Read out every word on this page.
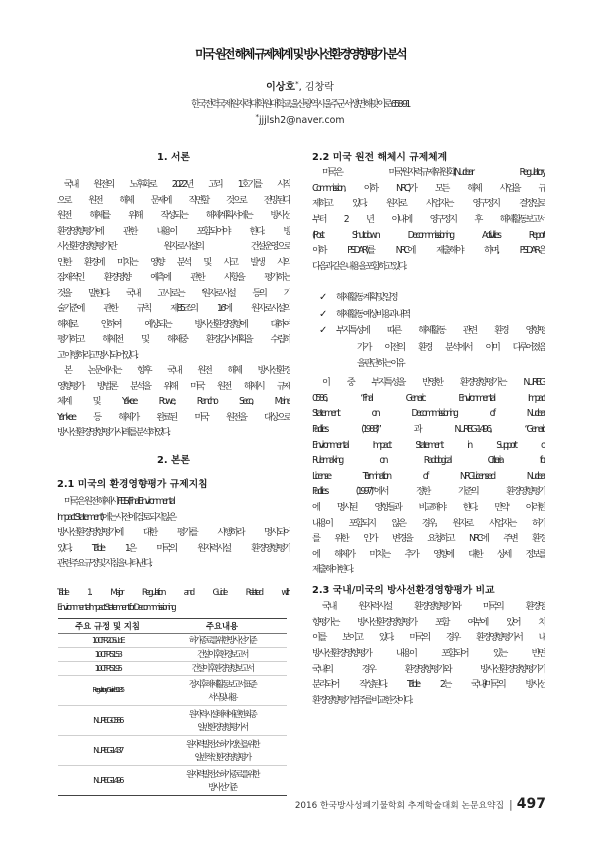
미국 원전 해체 규제체계 및 방사선환경영향평가 분석
이상호*, 김창락
한국전력국제원자력대학원대학교, 울산광역시 울주군 서생면 해맞이로 658-91
*jjjlsh2@naver.com
1. 서론
국내 원전의 노후화로 2022년 고리 1호기를 시작
으로 원전 해체 문제에 직면할 것으로 전망된다.
원전 해체를 위해 작성되는 해체계획서에는 방사선
환경영향평가에 관한 내용이 포함되어야 한다. 방
사선환경영향평가란 원자로시설의 건설·운영으로
인한 환경에 미치는 영향 분석 및 사고 발생 시의
잠재적인 환경영향 예측에 관한 사항을 평가하는
것을 말한다. 국내 고시로는 ‘원자로시설 등의 기
술기준에 관한 규칙 제85조의 16’에 원자로시설의
해체로 인하여 예상되는 방사선환경영향에 대하여
평가하고 해체전 및 해체중 환경감시계획을 수립하
고 이행하라고 명시되어 있다.
본 논문에서는 향후 국내 원전 해체 방사선환경
영향평가 방법론 분석을 위해 미국 원전 해체시 규제
체계 및 Yakee Rowe, Rancho Seco, Maine
Yankee 등 해체가 완료된 미국 원전을 대상으로
방사선환경영향평가 사례를 분석하였다.
2. 본론
2.1 미국의 환경영향평가 규제지침
미국은 원전 해체시 FEIS (Final Environmental
Impact Statement)에는 사전에 검토되지 않은
방사선환경영향평가에 대한 평가를 시행하라 명시되어
있다. Table 1은 미국의 원자력시설 환경영향평가
관련 주요 규정 및 지침을 나타낸다.
Table 1. Major Regulation and Guide Related with
Environmental Impact Statement for Decommissioning
주요 규정 및 지침	주요내용

10CFR20 Sub E	허가종료를 위한 방사선 기준

10CFR 51.53	건설 이후 환경보고서

10CFR 51.95	건설 이후 환경영향보고서

Regulatory Guide 1.185	정지후 해체활동보고서 표준
서식 및 내용

NUREG-0586	원자력시설 해체에 관한 최종
일반환경영향평가서

NUREG-1437	원자력발전소 허가갱신을 위한
일반적인 환경영향평가

NUREG-1496	원자력발전소 허가종료를 위한
방사선기준
2.2 미국 원전 해체시 규제체계
미국은 미국원자력규제위원회(Nuclear Regulatory
Commission, 이하 NRC)가 모든 해체 사업을 규
제하고 있다. 원자로 사업자는 영구정지 결정일로
부터 2 년 이내에 영구정지 후 해체활동보고서
(Post Shutdown Decommissioning Activities Report,
이하 PSDAR)를 NRC에 제출해야 하며, PSDAR은
다음과 같은 내용을 포함하고 있다.
✓ 해체 활동 계획 및 일정
✓ 해체 활동 예상비용과 내역
✓ 부지특성에 따른 해체활동 관련 환경 영향평
가가 이전의 환경 분석에서 이미 다루어졌음
을 판단하는 이유
이 중 부지특성을 반영한 환경영향평가는 NUREG-
0586, “Final Generic Environmental Impact
Statement on Decommissioning of Nuclear
Facilities (1988)” 과 NUREG-1496, “Generic
Environmental Impact Statement in Support of
Rulemaking on Radiological Criteria for
License Termination of NRC-Licensed Nuclear
Facilities (1997)”에서 정한 기준의 환경영향평가
에 명시된 영향들과 비교해야 한다. 만약 이러한
내용이 포함되지 않은 경우, 원자로 사업자는 허가
를 위한 인가 변경을 요청하고 NRC에 주변 환경
에 해체가 미치는 추가 영향에 대한 상세 정보를
제출해야 한다.
2.3 국내/미국의 방사선환경영향평가 비교
국내 원자력시설 환경영향평가와 미국의 환경영
향평가는 방사선환경영향평가 포함 여부에 있어 차
이를 보이고 있다. 미국의 경우 환경영향평가서 내
방사선환경영향평가 내용이 포함되어 있는 반면,
국내의 경우 환경영향평가와 방사선환경영향평가가
분리되어 작성된다. Table 2는 국내/미국의 방사선
환경영향평가 범주를 비교한 것이다.
2016 한국방사성폐기물학회 추계학술대회 논문요약집 | 497
